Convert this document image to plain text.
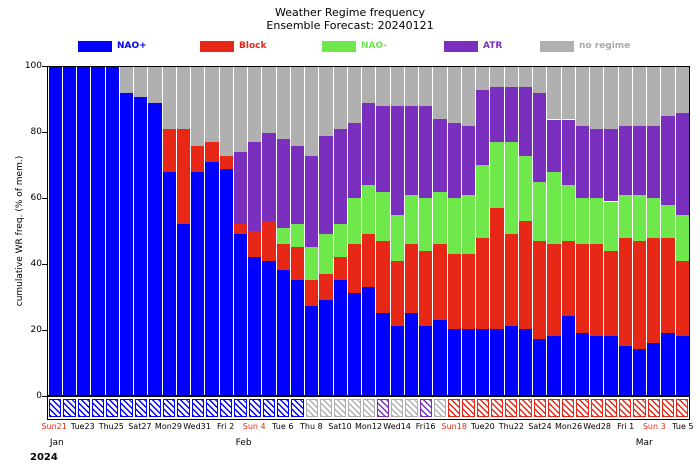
Weather Regime frequency
Ensemble Forecast: 20240121
NAO+	Block	NAO-	ATR	no regime
0
20
40
60
80
100
cumulative WR freq. (% of mem.)
Sun21 Tue23 Thu25 Sat27 Mon29 Wed31 Fri 2 Sun 4 Tue 6 Thu 8 Sat10 Mon12 Wed14 Fri16 Sun18 Tue20 Thu22 Sat24 Mon26 Wed28 Fri 1 Sun 3 Tue 5
Jan	Feb	Mar
2024
